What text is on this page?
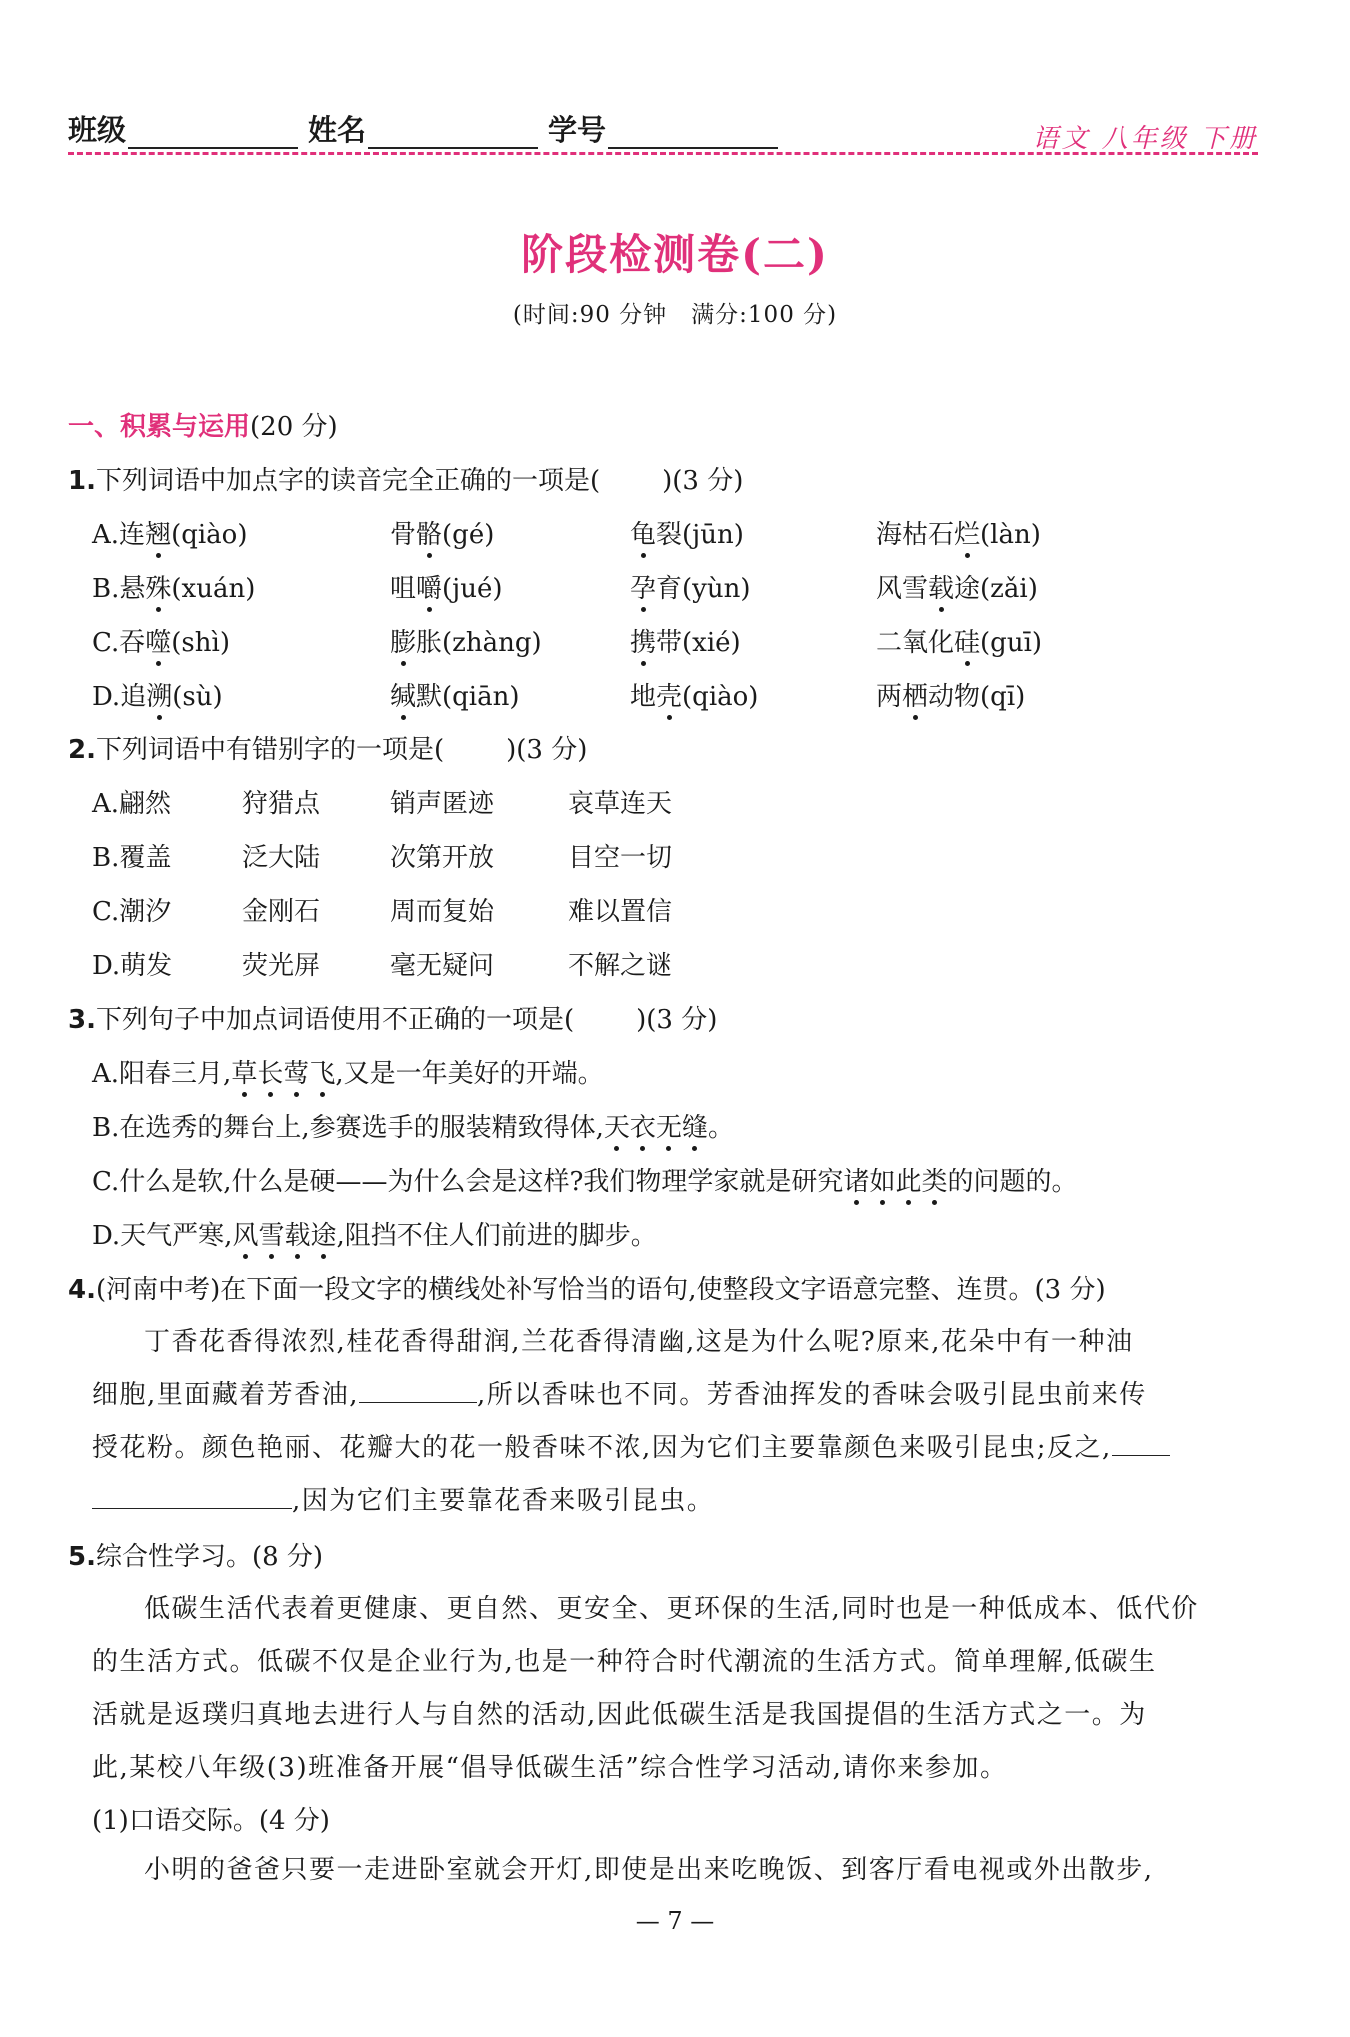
班级	姓名	学号	语文 八年级 下册
阶段检测卷(二)
(时间:90 分钟　满分:100 分)
一、积累与运用(20 分)
1.下列词语中加点字的读音完全正确的一项是( )(3 分)
A.连翘(qiào)	骨骼(gé)	龟裂(jūn)	海枯石烂(làn)
B.悬殊(xuán)	咀嚼(jué)	孕育(yùn)	风雪载途(zǎi)
C.吞噬(shì)	膨胀(zhàng)	携带(xié)	二氧化硅(guī)
D.追溯(sù)	缄默(qiān)	地壳(qiào)	两栖动物(qī)
2.下列词语中有错别字的一项是( )(3 分)
A.翩然	狩猎点	销声匿迹	哀草连天
B.覆盖	泛大陆	次第开放	目空一切
C.潮汐	金刚石	周而复始	难以置信
D.萌发	荧光屏	毫无疑问	不解之谜
3.下列句子中加点词语使用不正确的一项是( )(3 分)
A.阳春三月,草长莺飞,又是一年美好的开端。
B.在选秀的舞台上,参赛选手的服装精致得体,天衣无缝。
C.什么是软,什么是硬——为什么会是这样?我们物理学家就是研究诸如此类的问题的。
D.天气严寒,风雪载途,阻挡不住人们前进的脚步。
4.(河南中考)在下面一段文字的横线处补写恰当的语句,使整段文字语意完整、连贯。(3 分)
丁香花香得浓烈,桂花香得甜润,兰花香得清幽,这是为什么呢?原来,花朵中有一种油
细胞,里面藏着芳香油,	,所以香味也不同。芳香油挥发的香味会吸引昆虫前来传
授花粉。颜色艳丽、花瓣大的花一般香味不浓,因为它们主要靠颜色来吸引昆虫;反之,
,因为它们主要靠花香来吸引昆虫。
5.综合性学习。(8 分)
低碳生活代表着更健康、更自然、更安全、更环保的生活,同时也是一种低成本、低代价
的生活方式。低碳不仅是企业行为,也是一种符合时代潮流的生活方式。简单理解,低碳生
活就是返璞归真地去进行人与自然的活动,因此低碳生活是我国提倡的生活方式之一。为
此,某校八年级(3)班准备开展“倡导低碳生活”综合性学习活动,请你来参加。
(1)口语交际。(4 分)
小明的爸爸只要一走进卧室就会开灯,即使是出来吃晚饭、到客厅看电视或外出散步,
— 7 —
